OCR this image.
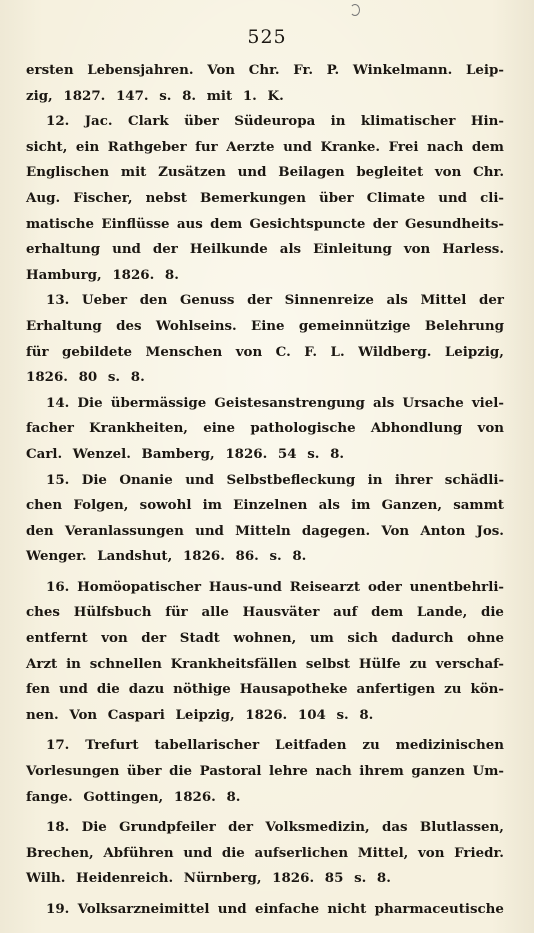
525
ersten Lebensjahren. Von Chr. Fr. P. Winkelmann. Leip-
zig, 1827. 147. s. 8. mit 1. K.
12. Jac. Clark über Südeuropa in klimatischer Hin-
sicht, ein Rathgeber fur Aerzte und Kranke. Frei nach dem
Englischen mit Zusätzen und Beilagen begleitet von Chr.
Aug. Fischer, nebst Bemerkungen über Climate und cli-
matische Einflüsse aus dem Gesichtspuncte der Gesundheits-
erhaltung und der Heilkunde als Einleitung von Harless.
Hamburg, 1826. 8.
13. Ueber den Genuss der Sinnenreize als Mittel der
Erhaltung des Wohlseins. Eine gemeinnützige Belehrung
für gebildete Menschen von C. F. L. Wildberg. Leipzig,
1826. 80 s. 8.
14. Die übermässige Geistesanstrengung als Ursache viel-
facher Krankheiten, eine pathologische Abhondlung von
Carl. Wenzel. Bamberg, 1826. 54 s. 8.
15. Die Onanie und Selbstbefleckung in ihrer schädli-
chen Folgen, sowohl im Einzelnen als im Ganzen, sammt
den Veranlassungen und Mitteln dagegen. Von Anton Jos.
Wenger. Landshut, 1826. 86. s. 8.
16. Homöopatischer Haus-und Reisearzt oder unentbehrli-
ches Hülfsbuch für alle Hausväter auf dem Lande, die
entfernt von der Stadt wohnen, um sich dadurch ohne
Arzt in schnellen Krankheitsfällen selbst Hülfe zu verschaf-
fen und die dazu nöthige Hausapotheke anfertigen zu kön-
nen. Von Caspari Leipzig, 1826. 104 s. 8.
17. Trefurt tabellarischer Leitfaden zu medizinischen
Vorlesungen über die Pastoral lehre nach ihrem ganzen Um-
fange. Gottingen, 1826. 8.
18. Die Grundpfeiler der Volksmedizin, das Blutlassen,
Brechen, Abführen und die aufserlichen Mittel, von Friedr.
Wilh. Heidenreich. Nürnberg, 1826. 85 s. 8.
19. Volksarzneimittel und einfache nicht pharmaceutische
